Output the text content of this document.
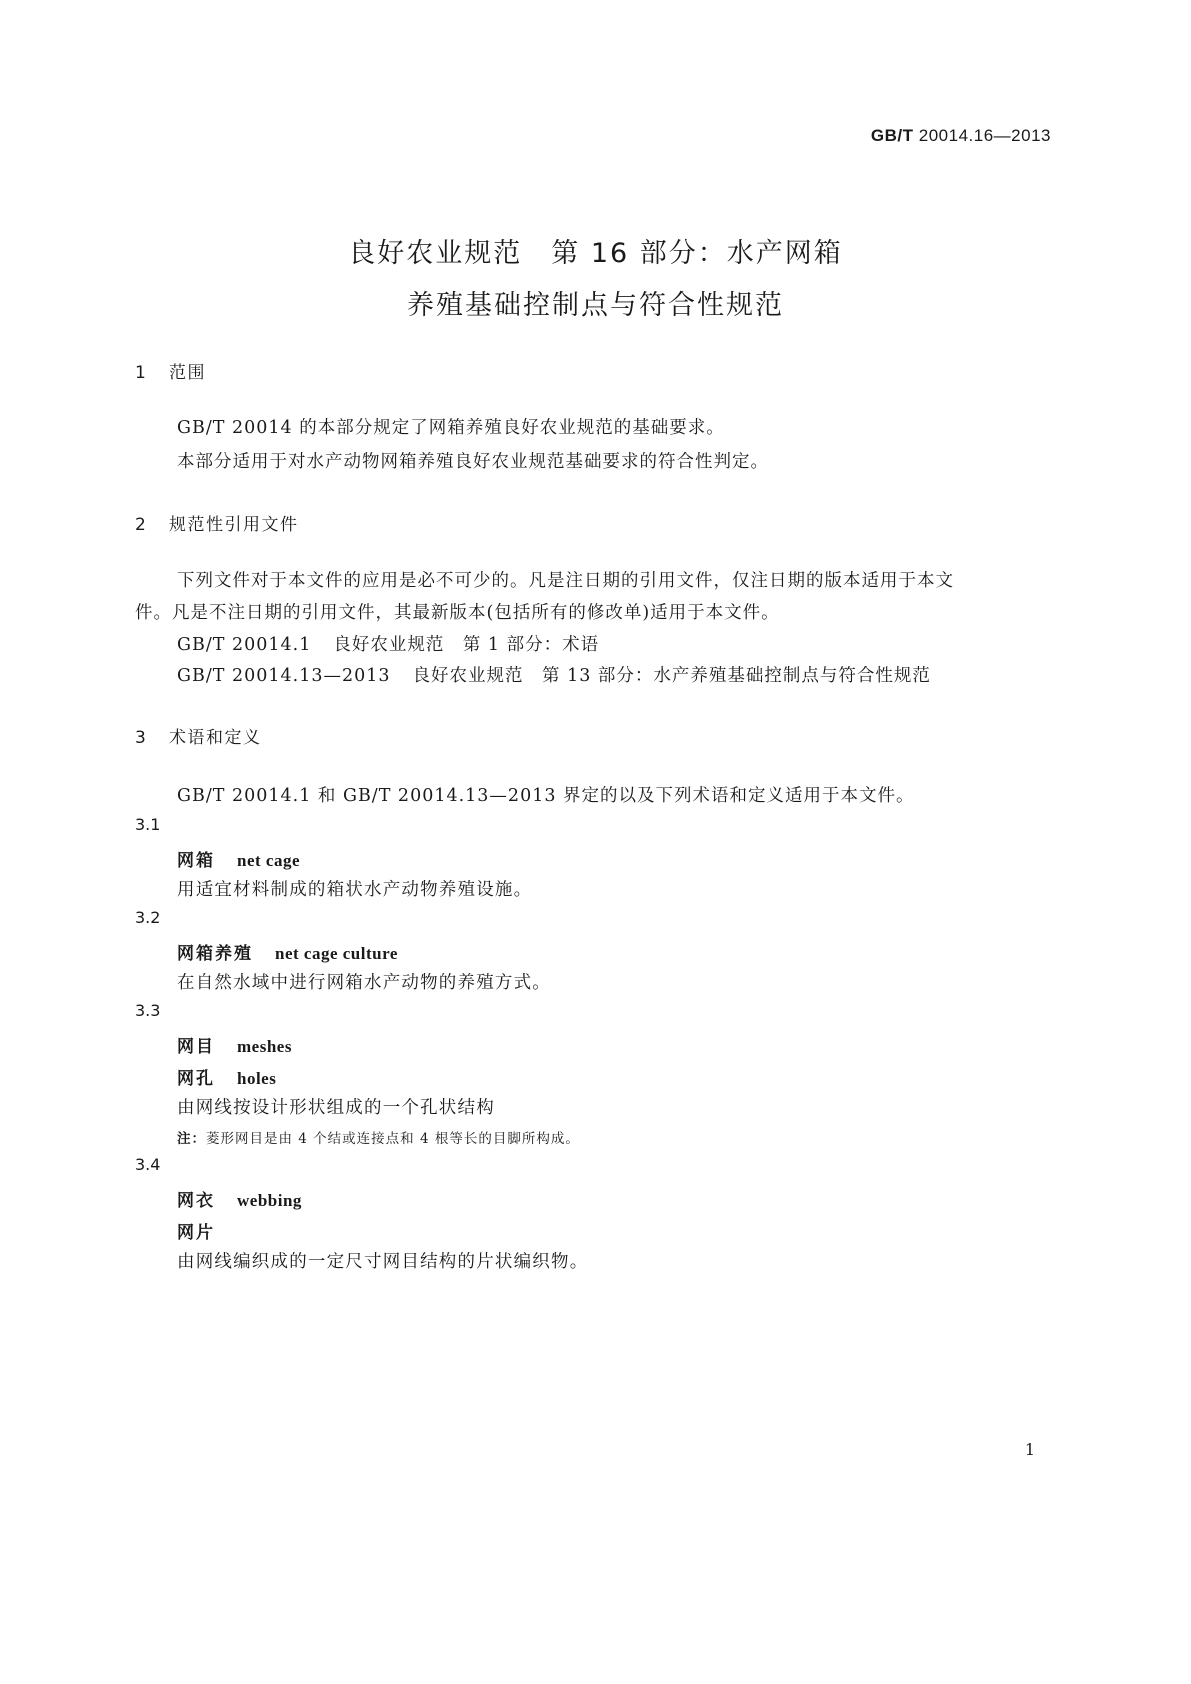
GB/T 20014.16—2013
良好农业规范　第 16 部分：水产网箱
养殖基础控制点与符合性规范
1 范围
GB/T 20014 的本部分规定了网箱养殖良好农业规范的基础要求。
本部分适用于对水产动物网箱养殖良好农业规范基础要求的符合性判定。
2 规范性引用文件
下列文件对于本文件的应用是必不可少的。凡是注日期的引用文件，仅注日期的版本适用于本文
件。凡是不注日期的引用文件，其最新版本(包括所有的修改单)适用于本文件。
GB/T 20014.1 良好农业规范　第 1 部分：术语
GB/T 20014.13—2013 良好农业规范　第 13 部分：水产养殖基础控制点与符合性规范
3 术语和定义
GB/T 20014.1 和 GB/T 20014.13—2013 界定的以及下列术语和定义适用于本文件。
3.1
网箱 net cage
用适宜材料制成的箱状水产动物养殖设施。
3.2
网箱养殖 net cage culture
在自然水域中进行网箱水产动物的养殖方式。
3.3
网目 meshes
网孔 holes
由网线按设计形状组成的一个孔状结构
注：菱形网目是由 4 个结或连接点和 4 根等长的目脚所构成。
3.4
网衣 webbing
网片
由网线编织成的一定尺寸网目结构的片状编织物。
1
